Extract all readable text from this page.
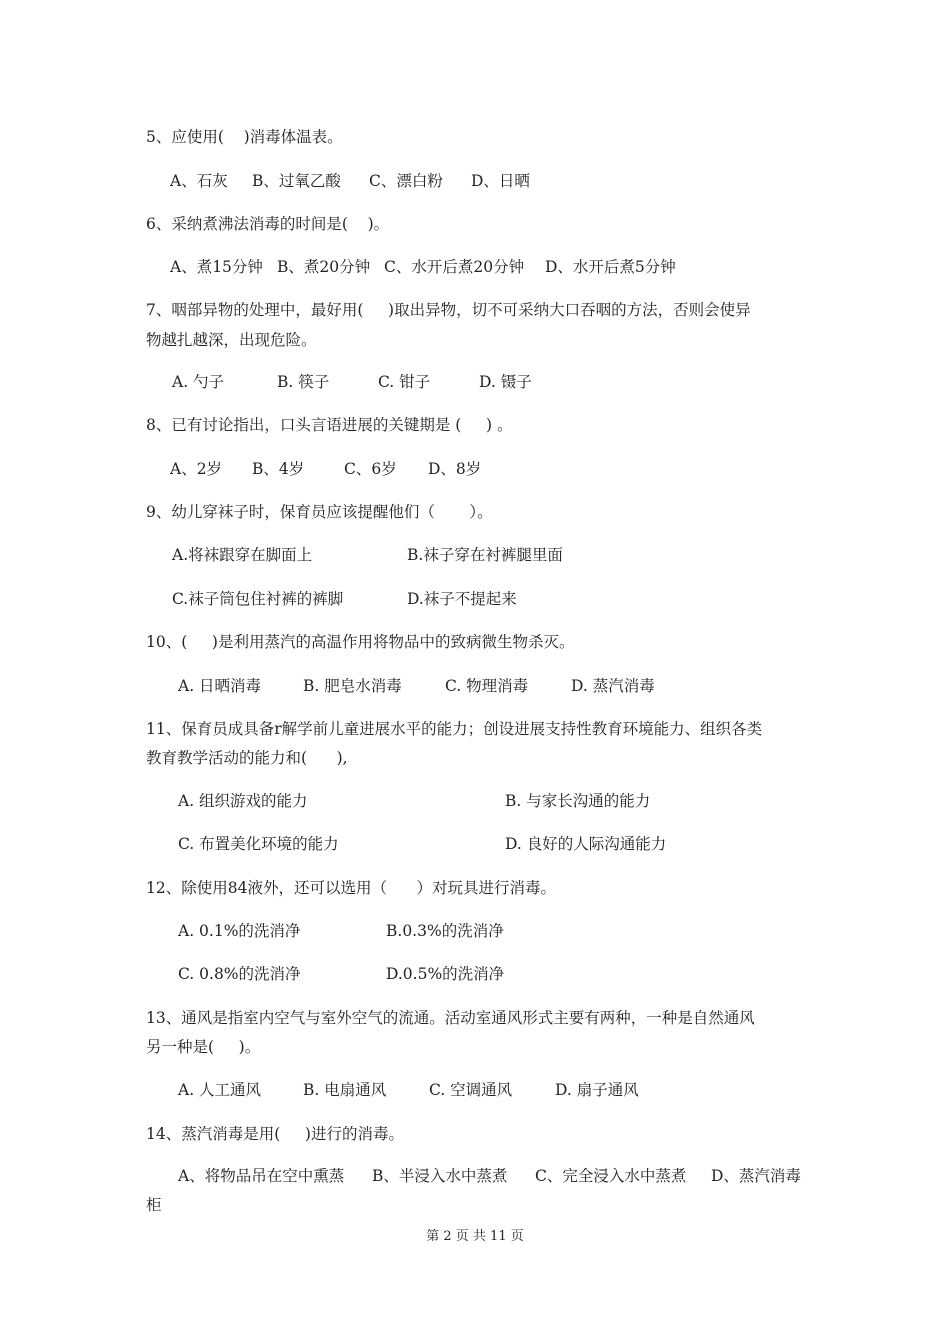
5、应使用(    )消毒体温表。
A、石灰 B、过氧乙酸 C、漂白粉 D、日晒
6、采纳煮沸法消毒的时间是(    )。
A、煮15分钟 B、煮20分钟 C、水开后煮20分钟 D、水开后煮5分钟
7、咽部异物的处理中，最好用(     )取出异物，切不可采纳大口吞咽的方法，否则会使异
物越扎越深，出现危险。
A. 勺子	B. 筷子	C. 钳子	D. 镊子
8、已有讨论指出，口头言语进展的关键期是 (     ) 。
A、2岁 B、4岁	C、6岁 D、8岁
9、幼儿穿袜子时，保育员应该提醒他们（       ）。
A.将袜跟穿在脚面上	B.袜子穿在衬裤腿里面
C.袜子筒包住衬裤的裤脚	D.袜子不提起来
10、(     )是利用蒸汽的高温作用将物品中的致病微生物杀灭。
A. 日晒消毒	B. 肥皂水消毒	C. 物理消毒	D. 蒸汽消毒
11、保育员成具备r解学前儿童进展水平的能力；创设进展支持性教育环境能力、组织各类
教育教学活动的能力和(      ),
A. 组织游戏的能力	B. 与家长沟通的能力
C. 布置美化环境的能力	D. 良好的人际沟通能力
12、除使用84液外，还可以选用（      ）对玩具进行消毒。
A. 0.1%的洗消净	B.0.3%的洗消净
C. 0.8%的洗消净	D.0.5%的洗消净
13、通风是指室内空气与室外空气的流通。活动室通风形式主要有两种，一种是自然通风
另一种是(     )。
A. 人工通风	B. 电扇通风	C. 空调通风	D. 扇子通风
14、蒸汽消毒是用(     )进行的消毒。
A、将物品吊在空中熏蒸 B、半浸入水中蒸煮 C、完全浸入水中蒸煮 D、蒸汽消毒
柜
第 2 页 共 11 页
